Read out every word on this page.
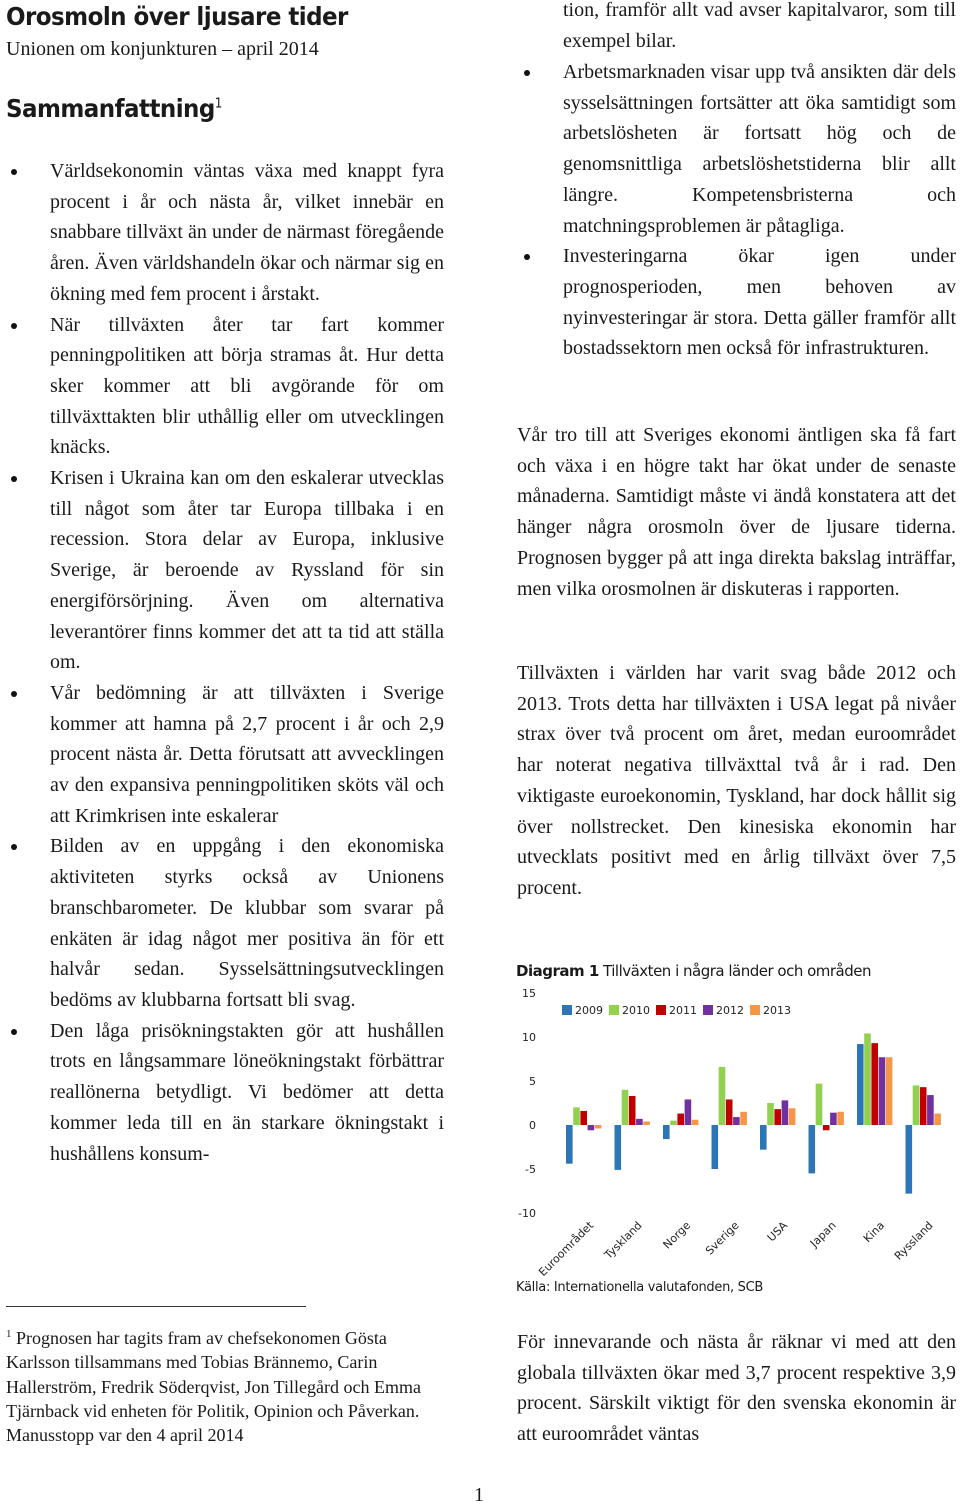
Orosmoln över ljusare tider
Unionen om konjunkturen – april 2014
Sammanfattning$^1$
Världsekonomin väntas växa med knappt fyra procent i år och nästa år, vilket innebär en snabbare tillväxt än under de närmast föregående åren. Även världshandeln ökar och närmar sig en ökning med fem procent i årstakt.
När tillväxten åter tar fart kommer penningpolitiken att börja stramas åt. Hur detta sker kommer att bli avgörande för om tillväxttakten blir uthållig eller om utvecklingen knäcks.
Krisen i Ukraina kan om den eskalerar utvecklas till något som åter tar Europa tillbaka i en recession. Stora delar av Europa, inklusive Sverige, är beroende av Ryssland för sin energiförsörjning. Även om alternativa leverantörer finns kommer det att ta tid att ställa om.
Vår bedömning är att tillväxten i Sverige kommer att hamna på 2,7 procent i år och 2,9 procent nästa år. Detta förutsatt att avvecklingen av den expansiva penningpolitiken sköts väl och att Krimkrisen inte eskalerar
Bilden av en uppgång i den ekonomiska aktiviteten styrks också av Unionens branschbarometer. De klubbar som svarar på enkäten är idag något mer positiva än för ett halvår sedan. Sysselsättningsutvecklingen bedöms av klubbarna fortsatt bli svag.
Den låga prisökningstakten gör att hushållen trots en långsammare löneökningstakt förbättrar reallönerna betydligt. Vi bedömer att detta kommer leda till en än starkare ökningstakt i hushållens konsum-

tion, framför allt vad avser kapitalvaror, som till exempel bilar.

Arbetsmarknaden visar upp två ansikten där dels sysselsättningen fortsätter att öka samtidigt som arbetslösheten är fortsatt hög och de genomsnittliga arbetslöshetstiderna blir allt längre. Kompetensbristerna och matchningsproblemen är påtagliga.
Investeringarna ökar igen under prognosperioden, men behoven av nyinvesteringar är stora. Detta gäller framför allt bostadssektorn men också för infrastrukturen.

Vår tro till att Sveriges ekonomi äntligen ska få fart och växa i en högre takt har ökat under de senaste månaderna. Samtidigt måste vi ändå konstatera att det hänger några orosmoln över de ljusare tiderna. Prognosen bygger på att inga direkta bakslag inträffar, men vilka orosmolnen är diskuteras i rapporten.

Tillväxten i världen har varit svag både 2012 och 2013. Trots detta har tillväxten i USA legat på nivåer strax över två procent om året, medan euroområdet har noterat negativa tillväxttal två år i rad. Den viktigaste euroekonomin, Tyskland, har dock hållit sig över nollstrecket. Den kinesiska ekonomin har utvecklats positivt med en årlig tillväxt över 7,5 procent.

Diagram 1 Tillväxten i några länder och områden
15
10
5
0
-5
-10
2009 2010 2011 2012 2013
Euroområdet Tyskland Norge Sverige USA Japan Kina Ryssland
Källa: Internationella valutafonden, SCB

För innevarande och nästa år räknar vi med att den globala tillväxten ökar med 3,7 procent respektive 3,9 procent. Särskilt viktigt för den svenska ekonomin är att euroområdet väntas

$^1$ Prognosen har tagits fram av chefsekonomen Gösta Karlsson tillsammans med Tobias Brännemo, Carin Hallerström, Fredrik Söderqvist, Jon Tillegård och Emma Tjärnback vid enheten för Politik, Opinion och Påverkan. Manusstopp var den 4 april 2014

1
